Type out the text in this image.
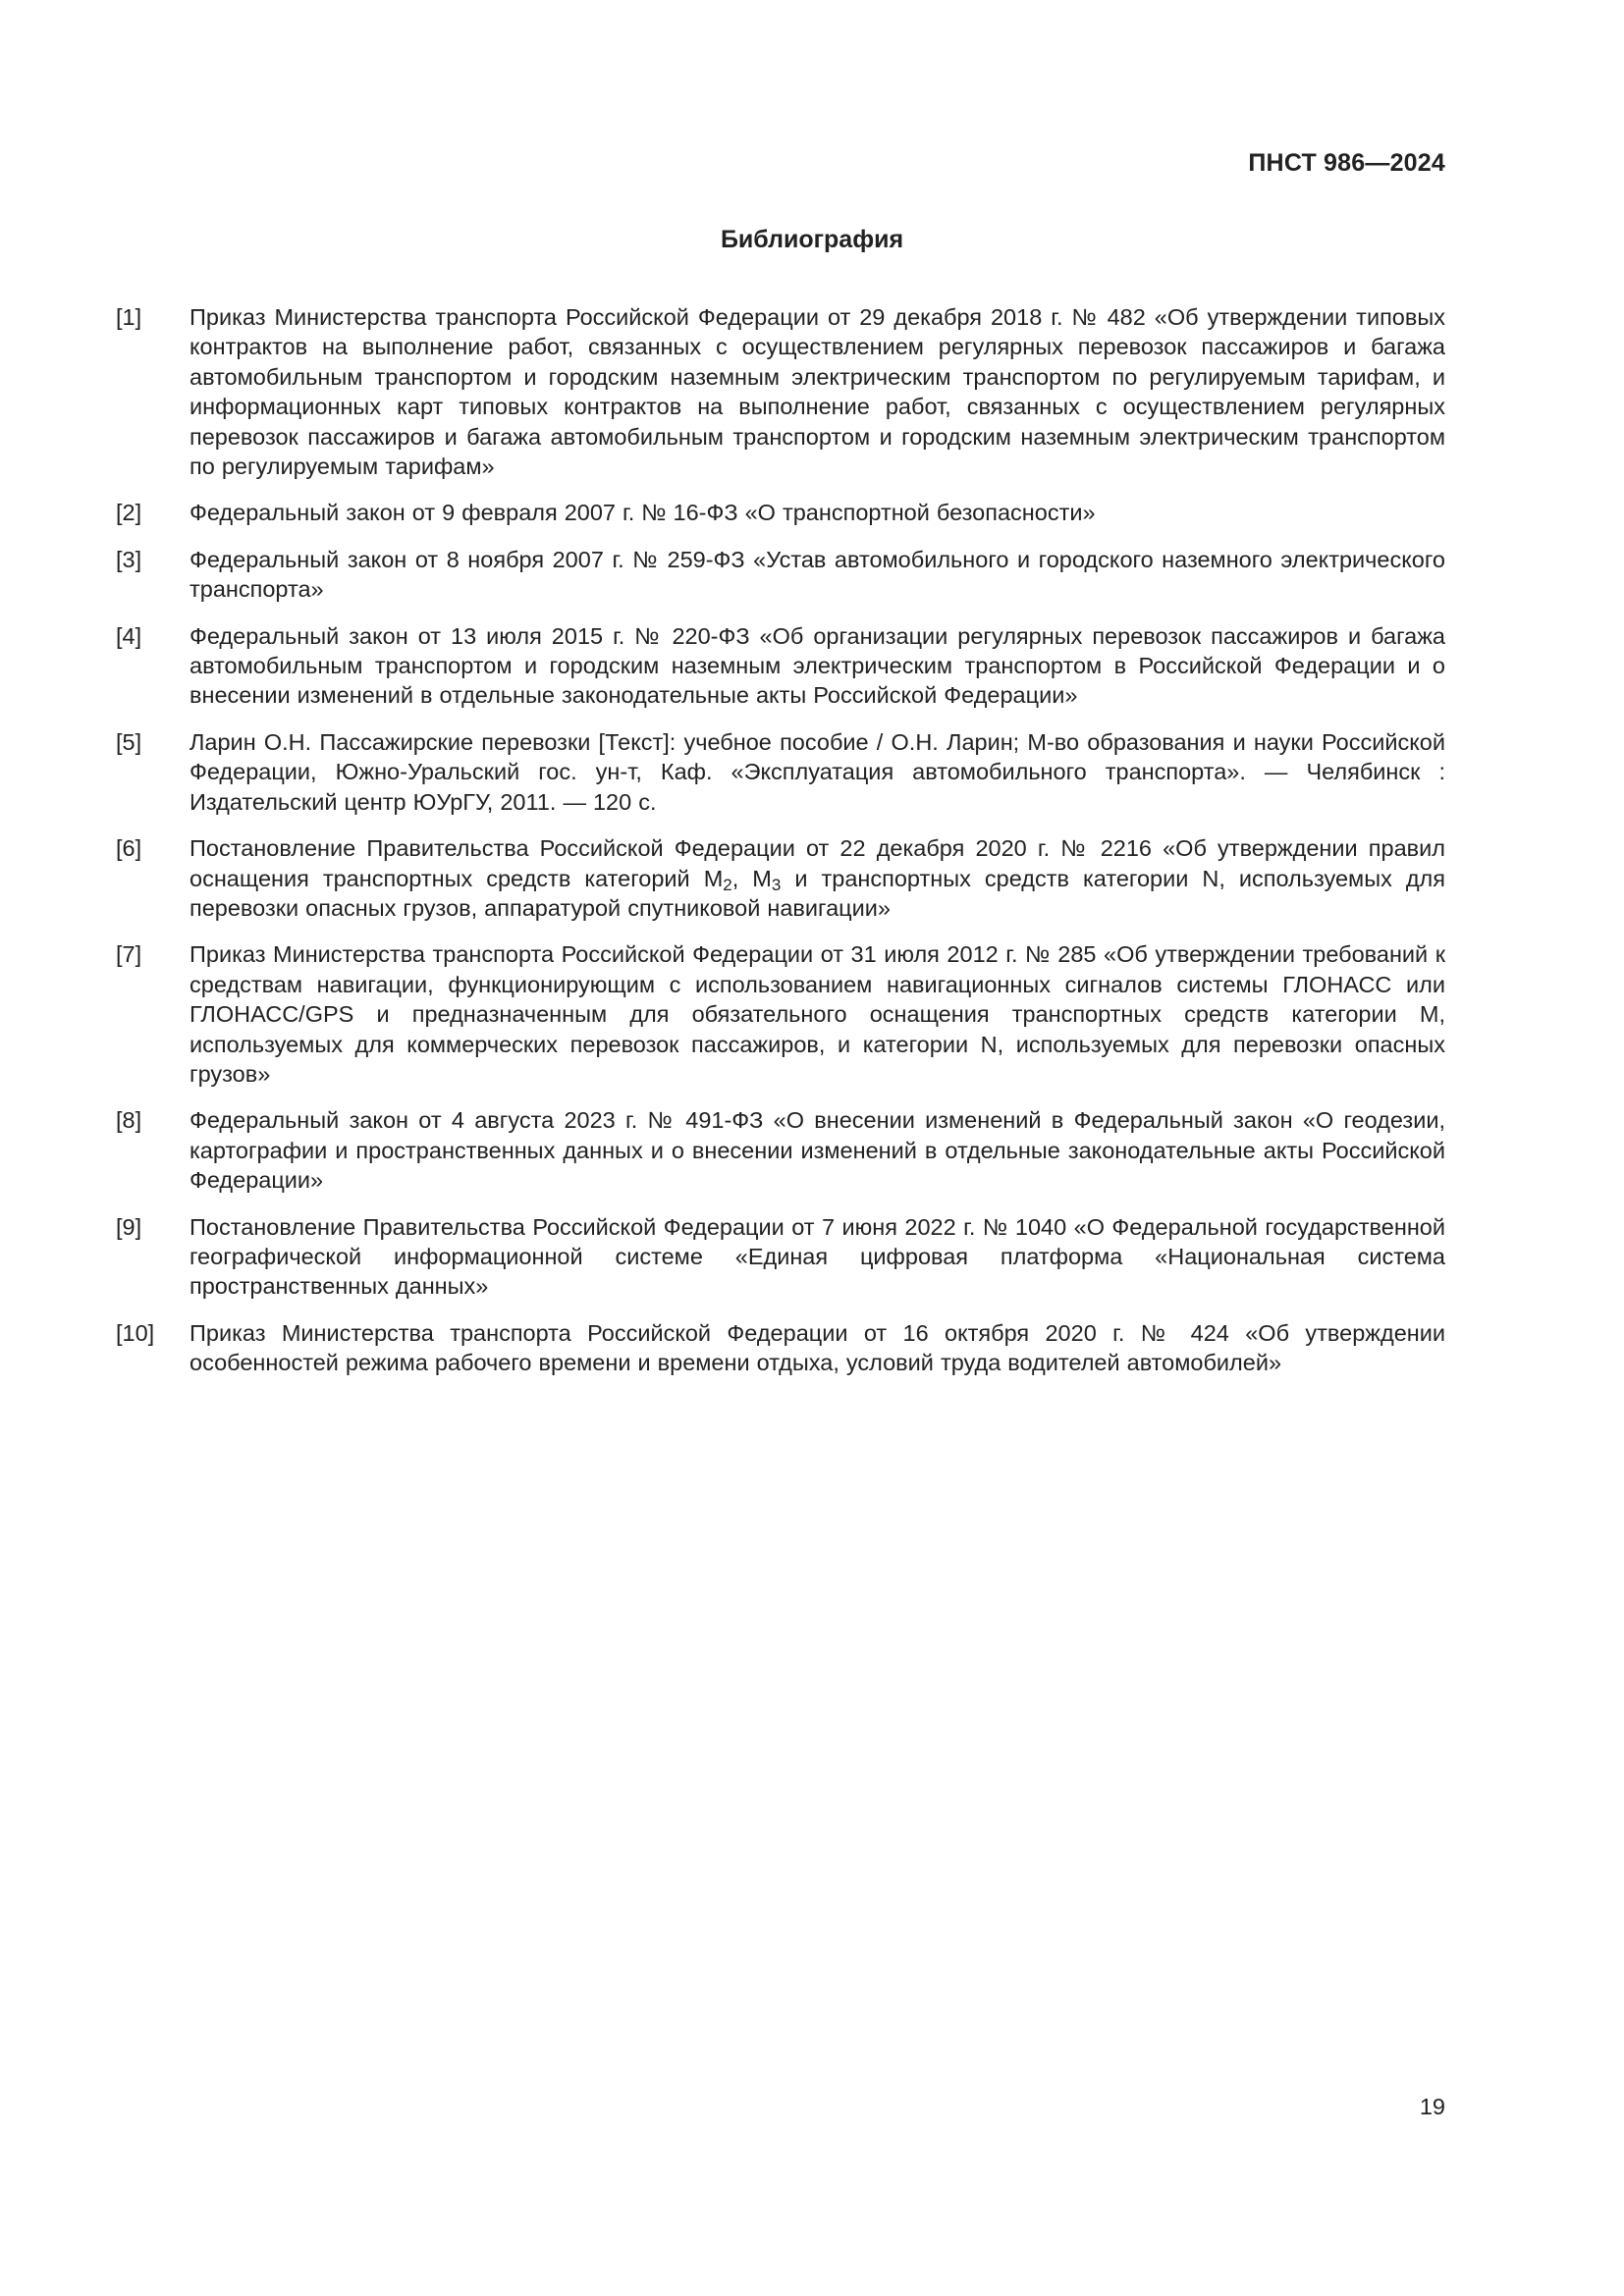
ПНСТ 986—2024
Библиография
[1]	Приказ Министерства транспорта Российской Федерации от 29 декабря 2018 г. № 482 «Об утверждении типовых контрактов на выполнение работ, связанных с осуществлением регулярных перевозок пассажиров и багажа автомобильным транспортом и городским наземным электрическим транспортом по регулируемым тарифам, и информационных карт типовых контрактов на выполнение работ, связанных с осуществлением регулярных перевозок пассажиров и багажа автомобильным транспортом и городским наземным электрическим транспортом по регулируемым тарифам»
[2]	Федеральный закон от 9 февраля 2007 г. № 16-ФЗ «О транспортной безопасности»
[3]	Федеральный закон от 8 ноября 2007 г. № 259-ФЗ «Устав автомобильного и городского наземного электрического транспорта»
[4]	Федеральный закон от 13 июля 2015 г. № 220-ФЗ «Об организации регулярных перевозок пассажиров и багажа автомобильным транспортом и городским наземным электрическим транспортом в Российской Федерации и о внесении изменений в отдельные законодательные акты Российской Федерации»
[5]	Ларин О.Н. Пассажирские перевозки [Текст]: учебное пособие / О.Н. Ларин; М-во образования и науки Российской Федерации, Южно-Уральский гос. ун-т, Каф. «Эксплуатация автомобильного транспорта». — Челябинск : Издательский центр ЮУрГУ, 2011. — 120 с.
[6]	Постановление Правительства Российской Федерации от 22 декабря 2020 г. № 2216 «Об утверждении правил оснащения транспортных средств категорий $М_2$, $М_3$ и транспортных средств категории N, используемых для перевозки опасных грузов, аппаратурой спутниковой навигации»
[7]	Приказ Министерства транспорта Российской Федерации от 31 июля 2012 г. № 285 «Об утверждении требований к средствам навигации, функционирующим с использованием навигационных сигналов системы ГЛОНАСС или ГЛОНАСС/GPS и предназначенным для обязательного оснащения транспортных средств категории М, используемых для коммерческих перевозок пассажиров, и категории N, используемых для перевозки опасных грузов»
[8]	Федеральный закон от 4 августа 2023 г. № 491-ФЗ «О внесении изменений в Федеральный закон «О геодезии, картографии и пространственных данных и о внесении изменений в отдельные законодательные акты Российской Федерации»
[9]	Постановление Правительства Российской Федерации от 7 июня 2022 г. № 1040 «О Федеральной государственной географической информационной системе «Единая цифровая платформа «Национальная система пространственных данных»
[10]	Приказ Министерства транспорта Российской Федерации от 16 октября 2020 г. № 424 «Об утверждении особенностей режима рабочего времени и времени отдыха, условий труда водителей автомобилей»
19
